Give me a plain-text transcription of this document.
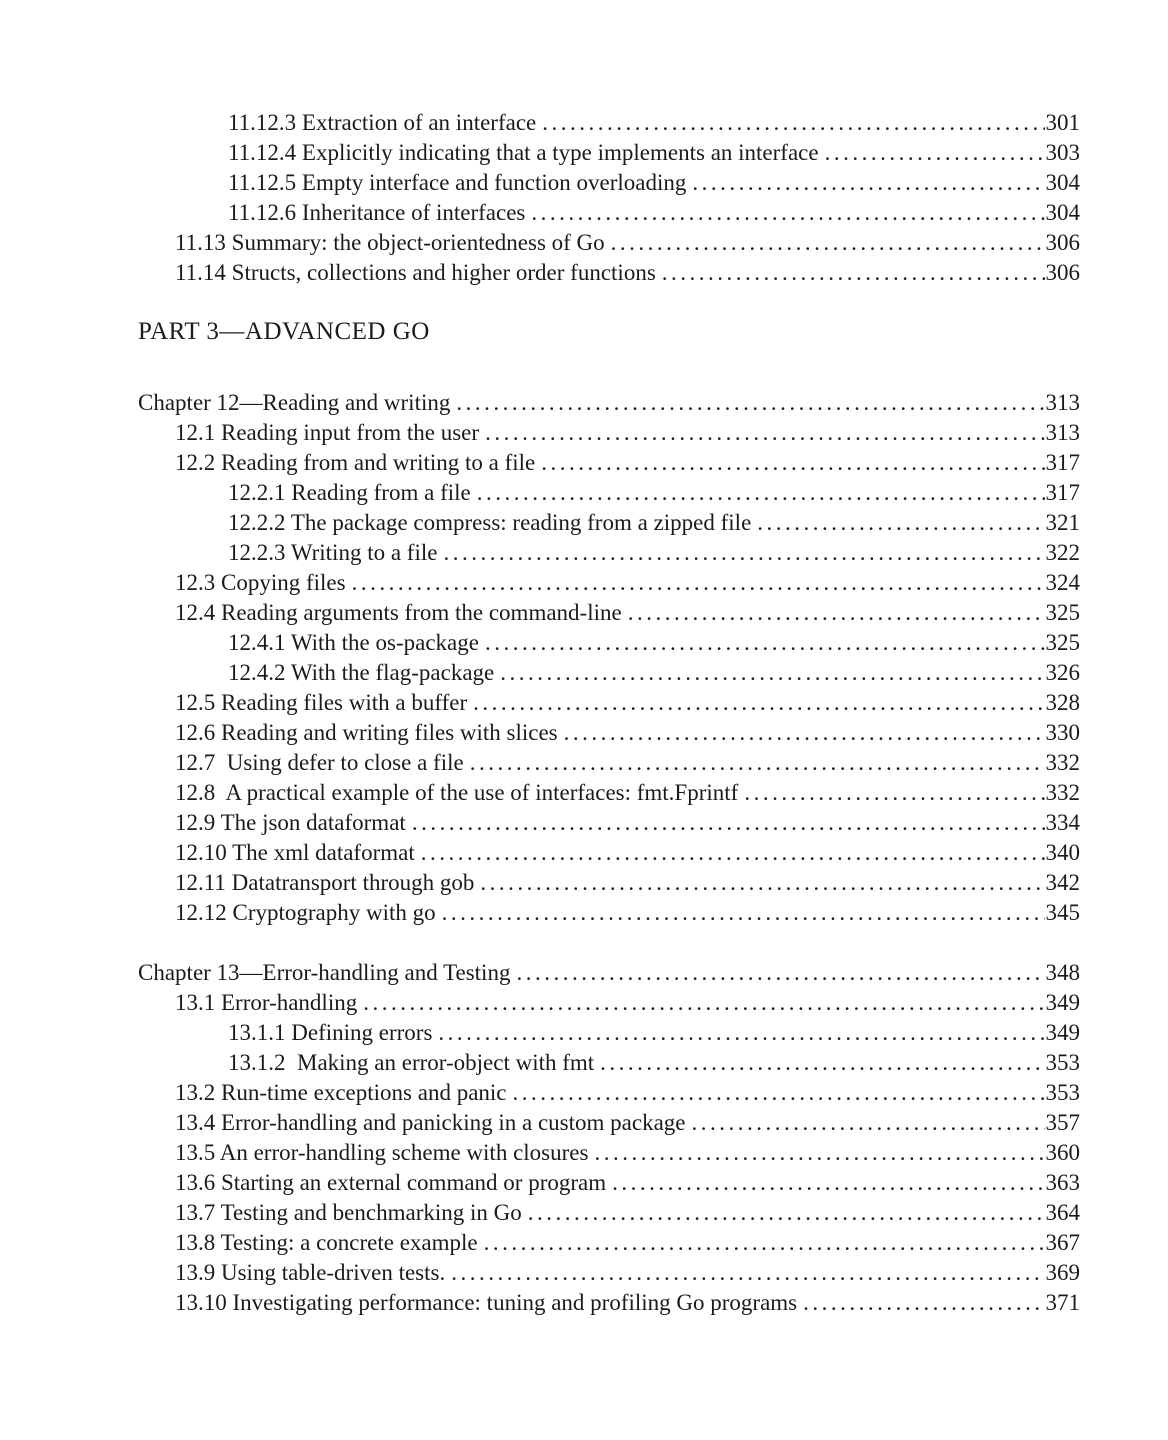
11.12.3 Extraction of an interface .....	301
11.12.4 Explicitly indicating that a type implements an interface .....	303
11.12.5 Empty interface and function overloading .....	304
11.12.6 Inheritance of interfaces .....	304
11.13 Summary: the object-orientedness of Go .....	306
11.14 Structs, collections and higher order functions .....	306
PART 3—ADVANCED GO
Chapter 12—Reading and writing .....	313
12.1 Reading input from the user .....	313
12.2 Reading from and writing to a file .....	317
12.2.1 Reading from a file .....	317
12.2.2 The package compress: reading from a zipped file .....	321
12.2.3 Writing to a file .....	322
12.3 Copying files .....	324
12.4 Reading arguments from the command-line .....	325
12.4.1 With the os-package .....	325
12.4.2 With the flag-package .....	326
12.5 Reading files with a buffer .....	328
12.6 Reading and writing files with slices .....	330
12.7  Using defer to close a file .....	332
12.8  A practical example of the use of interfaces: fmt.Fprintf .....	332
12.9 The json dataformat .....	334
12.10 The xml dataformat .....	340
12.11 Datatransport through gob .....	342
12.12 Cryptography with go .....	345
Chapter 13—Error-handling and Testing .....	348
13.1 Error-handling .....	349
13.1.1 Defining errors .....	349
13.1.2  Making an error-object with fmt .....	353
13.2 Run-time exceptions and panic .....	353
13.4 Error-handling and panicking in a custom package .....	357
13.5 An error-handling scheme with closures .....	360
13.6 Starting an external command or program .....	363
13.7 Testing and benchmarking in Go .....	364
13.8 Testing: a concrete example .....	367
13.9 Using table-driven tests. .....	369
13.10 Investigating performance: tuning and profiling Go programs .....	371
